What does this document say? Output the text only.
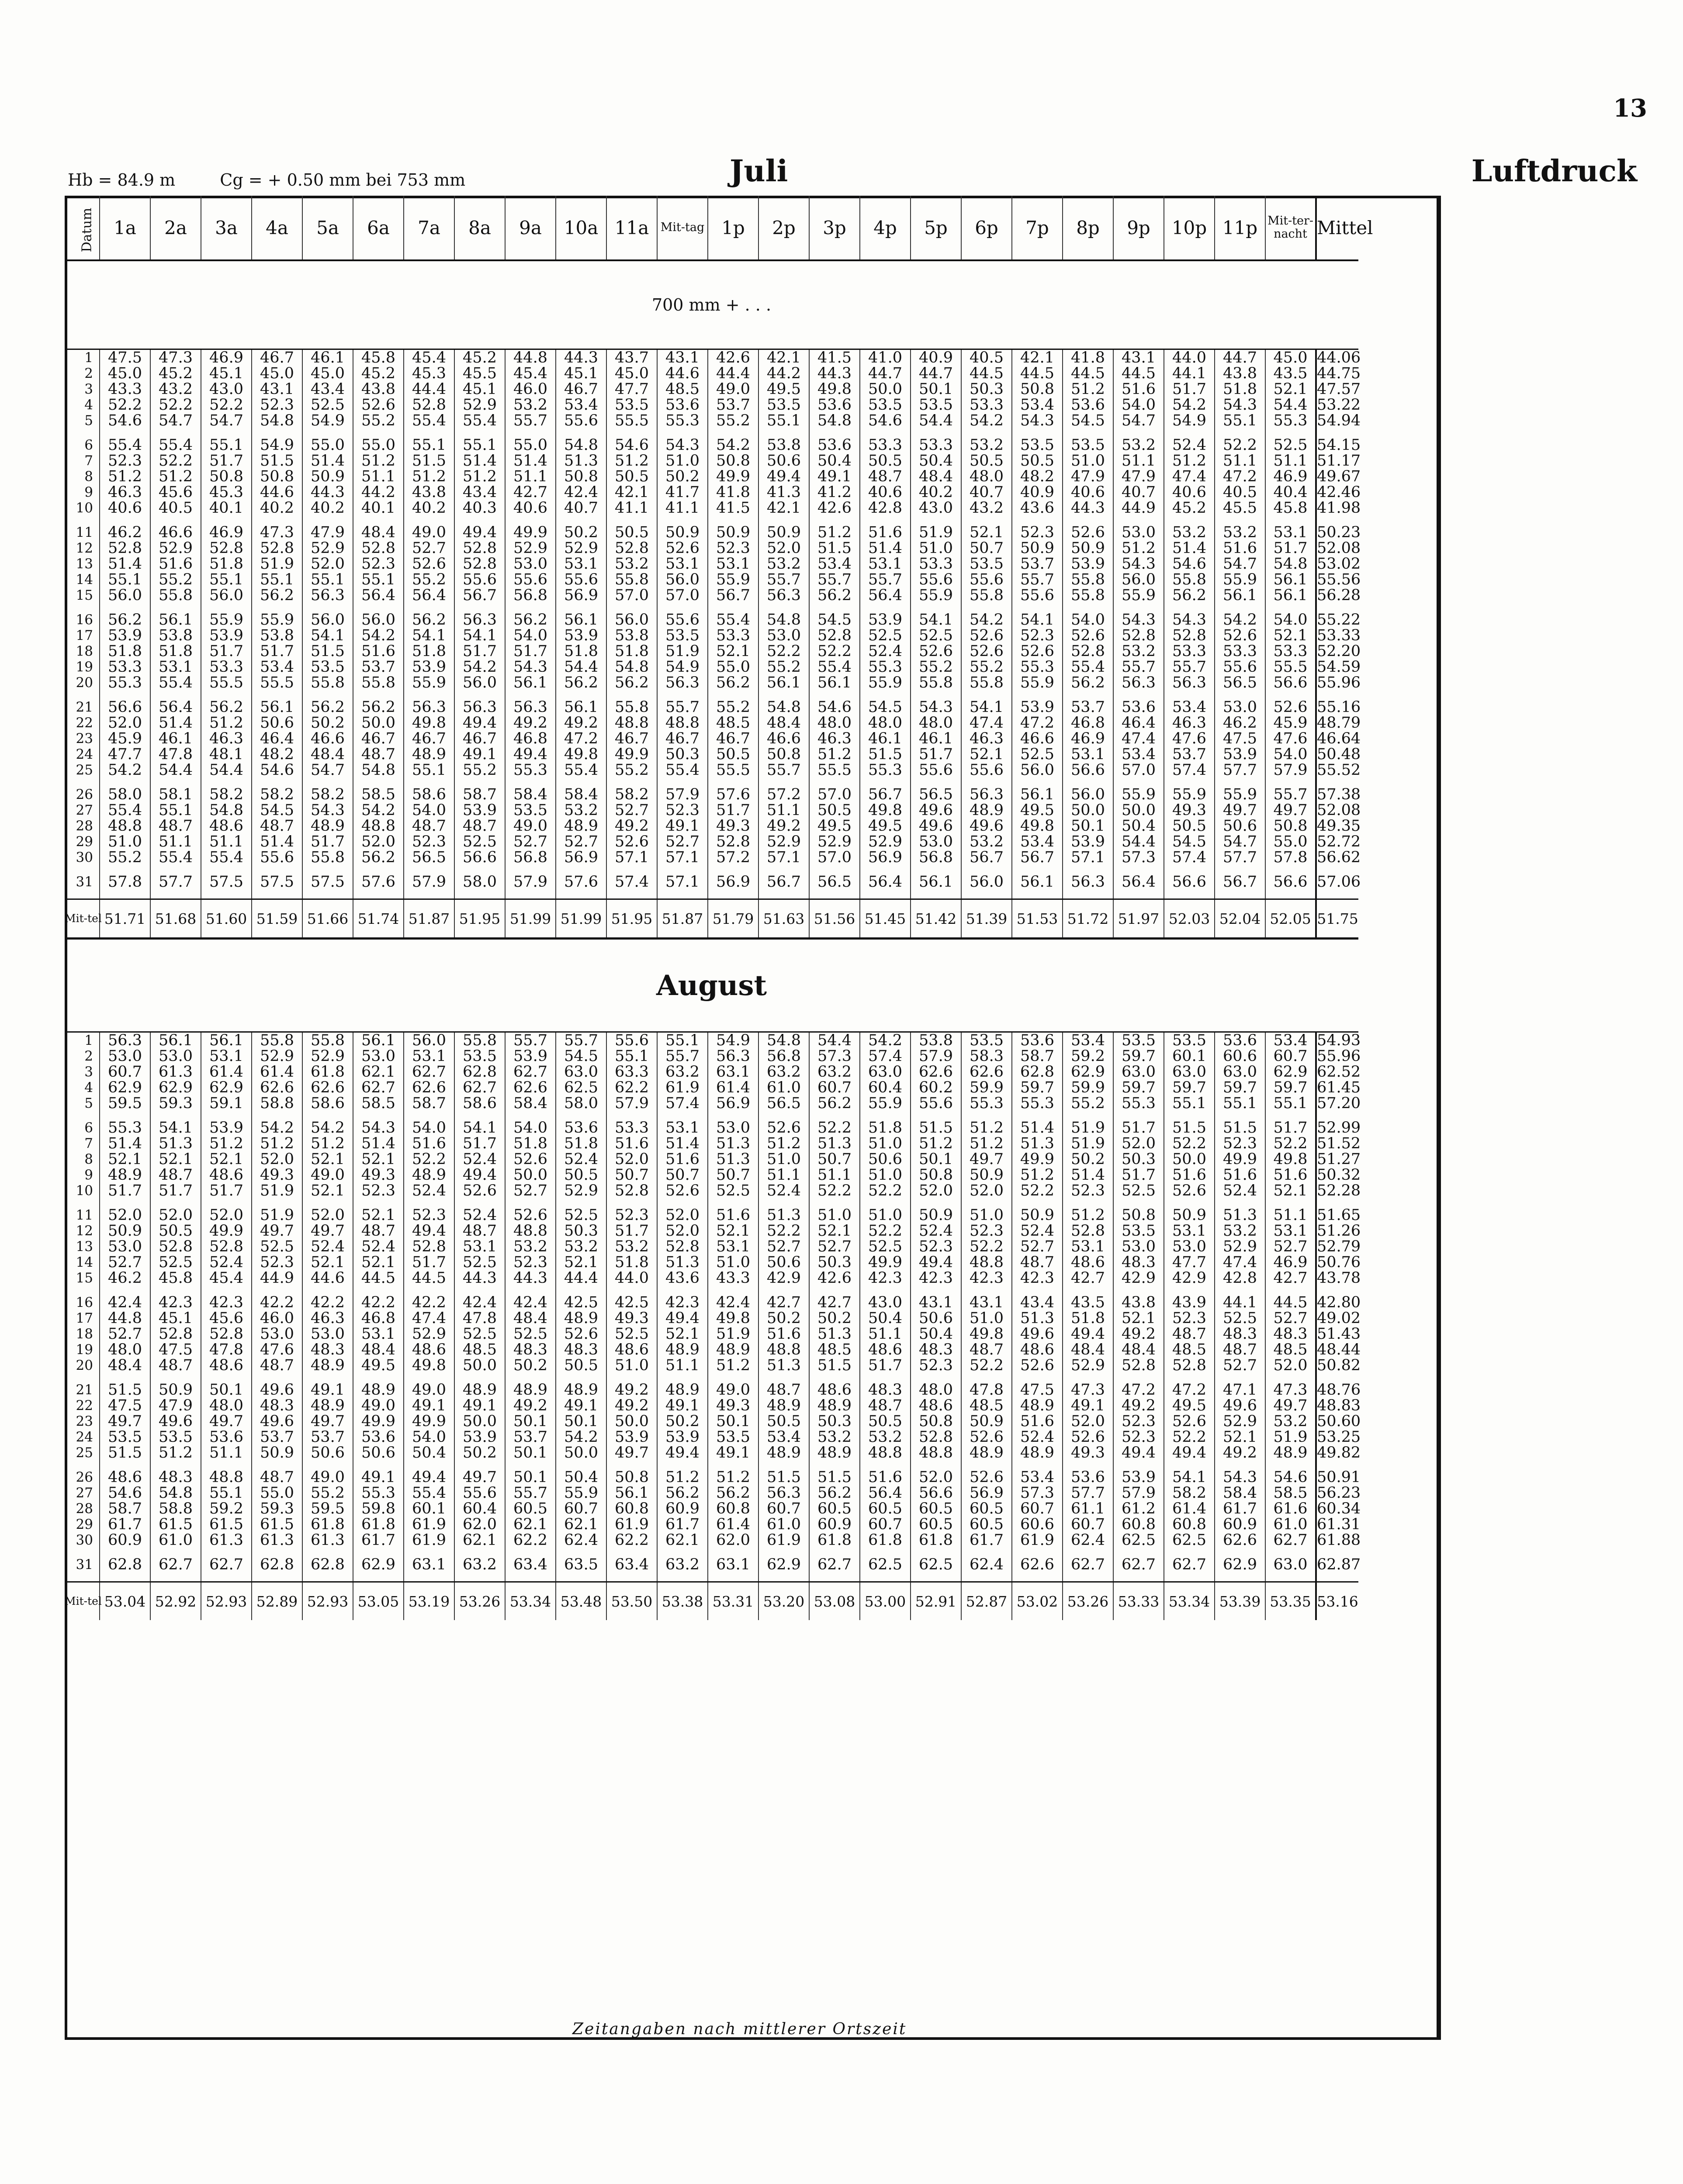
13
Hb = 84.9 m	Cg = + 0.50 mm bei 753 mm	Juli	Luftdruck
Datum	1a	2a	3a	4a	5a	6a	7a	8a	9a	10a	11a	Mit-tag	1p	2p	3p	4p	5p	6p	7p	8p	9p	10p	11p	Mit-ter-nacht	Mittel
700 mm + . . .																									
1	47.5	47.3	46.9	46.7	46.1	45.8	45.4	45.2	44.8	44.3	43.7	43.1	42.6	42.1	41.5	41.0	40.9	40.5	42.1	41.8	43.1	44.0	44.7	45.0	44.06
2	45.0	45.2	45.1	45.0	45.0	45.2	45.3	45.5	45.4	45.1	45.0	44.6	44.4	44.2	44.3	44.7	44.7	44.5	44.5	44.5	44.5	44.1	43.8	43.5	44.75
3	43.3	43.2	43.0	43.1	43.4	43.8	44.4	45.1	46.0	46.7	47.7	48.5	49.0	49.5	49.8	50.0	50.1	50.3	50.8	51.2	51.6	51.7	51.8	52.1	47.57
4	52.2	52.2	52.2	52.3	52.5	52.6	52.8	52.9	53.2	53.4	53.5	53.6	53.7	53.5	53.6	53.5	53.5	53.3	53.4	53.6	54.0	54.2	54.3	54.4	53.22
5	54.6	54.7	54.7	54.8	54.9	55.2	55.4	55.4	55.7	55.6	55.5	55.3	55.2	55.1	54.8	54.6	54.4	54.2	54.3	54.5	54.7	54.9	55.1	55.3	54.94

6	55.4	55.4	55.1	54.9	55.0	55.0	55.1	55.1	55.0	54.8	54.6	54.3	54.2	53.8	53.6	53.3	53.3	53.2	53.5	53.5	53.2	52.4	52.2	52.5	54.15
7	52.3	52.2	51.7	51.5	51.4	51.2	51.5	51.4	51.4	51.3	51.2	51.0	50.8	50.6	50.4	50.5	50.4	50.5	50.5	51.0	51.1	51.2	51.1	51.1	51.17
8	51.2	51.2	50.8	50.8	50.9	51.1	51.2	51.2	51.1	50.8	50.5	50.2	49.9	49.4	49.1	48.7	48.4	48.0	48.2	47.9	47.9	47.4	47.2	46.9	49.67
9	46.3	45.6	45.3	44.6	44.3	44.2	43.8	43.4	42.7	42.4	42.1	41.7	41.8	41.3	41.2	40.6	40.2	40.7	40.9	40.6	40.7	40.6	40.5	40.4	42.46
10	40.6	40.5	40.1	40.2	40.2	40.1	40.2	40.3	40.6	40.7	41.1	41.1	41.5	42.1	42.6	42.8	43.0	43.2	43.6	44.3	44.9	45.2	45.5	45.8	41.98

11	46.2	46.6	46.9	47.3	47.9	48.4	49.0	49.4	49.9	50.2	50.5	50.9	50.9	50.9	51.2	51.6	51.9	52.1	52.3	52.6	53.0	53.2	53.2	53.1	50.23
12	52.8	52.9	52.8	52.8	52.9	52.8	52.7	52.8	52.9	52.9	52.8	52.6	52.3	52.0	51.5	51.4	51.0	50.7	50.9	50.9	51.2	51.4	51.6	51.7	52.08
13	51.4	51.6	51.8	51.9	52.0	52.3	52.6	52.8	53.0	53.1	53.2	53.1	53.1	53.2	53.4	53.1	53.3	53.5	53.7	53.9	54.3	54.6	54.7	54.8	53.02
14	55.1	55.2	55.1	55.1	55.1	55.1	55.2	55.6	55.6	55.6	55.8	56.0	55.9	55.7	55.7	55.7	55.6	55.6	55.7	55.8	56.0	55.8	55.9	56.1	55.56
15	56.0	55.8	56.0	56.2	56.3	56.4	56.4	56.7	56.8	56.9	57.0	57.0	56.7	56.3	56.2	56.4	55.9	55.8	55.6	55.8	55.9	56.2	56.1	56.1	56.28

16	56.2	56.1	55.9	55.9	56.0	56.0	56.2	56.3	56.2	56.1	56.0	55.6	55.4	54.8	54.5	53.9	54.1	54.2	54.1	54.0	54.3	54.3	54.2	54.0	55.22
17	53.9	53.8	53.9	53.8	54.1	54.2	54.1	54.1	54.0	53.9	53.8	53.5	53.3	53.0	52.8	52.5	52.5	52.6	52.3	52.6	52.8	52.8	52.6	52.1	53.33
18	51.8	51.8	51.7	51.7	51.5	51.6	51.8	51.7	51.7	51.8	51.8	51.9	52.1	52.2	52.2	52.4	52.6	52.6	52.6	52.8	53.2	53.3	53.3	53.3	52.20
19	53.3	53.1	53.3	53.4	53.5	53.7	53.9	54.2	54.3	54.4	54.8	54.9	55.0	55.2	55.4	55.3	55.2	55.2	55.3	55.4	55.7	55.7	55.6	55.5	54.59
20	55.3	55.4	55.5	55.5	55.8	55.8	55.9	56.0	56.1	56.2	56.2	56.3	56.2	56.1	56.1	55.9	55.8	55.8	55.9	56.2	56.3	56.3	56.5	56.6	55.96

21	56.6	56.4	56.2	56.1	56.2	56.2	56.3	56.3	56.3	56.1	55.8	55.7	55.2	54.8	54.6	54.5	54.3	54.1	53.9	53.7	53.6	53.4	53.0	52.6	55.16
22	52.0	51.4	51.2	50.6	50.2	50.0	49.8	49.4	49.2	49.2	48.8	48.8	48.5	48.4	48.0	48.0	48.0	47.4	47.2	46.8	46.4	46.3	46.2	45.9	48.79
23	45.9	46.1	46.3	46.4	46.6	46.7	46.7	46.7	46.8	47.2	46.7	46.7	46.7	46.6	46.3	46.1	46.1	46.3	46.6	46.9	47.4	47.6	47.5	47.6	46.64
24	47.7	47.8	48.1	48.2	48.4	48.7	48.9	49.1	49.4	49.8	49.9	50.3	50.5	50.8	51.2	51.5	51.7	52.1	52.5	53.1	53.4	53.7	53.9	54.0	50.48
25	54.2	54.4	54.4	54.6	54.7	54.8	55.1	55.2	55.3	55.4	55.2	55.4	55.5	55.7	55.5	55.3	55.6	55.6	56.0	56.6	57.0	57.4	57.7	57.9	55.52

26	58.0	58.1	58.2	58.2	58.2	58.5	58.6	58.7	58.4	58.4	58.2	57.9	57.6	57.2	57.0	56.7	56.5	56.3	56.1	56.0	55.9	55.9	55.9	55.7	57.38
27	55.4	55.1	54.8	54.5	54.3	54.2	54.0	53.9	53.5	53.2	52.7	52.3	51.7	51.1	50.5	49.8	49.6	48.9	49.5	50.0	50.0	49.3	49.7	49.7	52.08
28	48.8	48.7	48.6	48.7	48.9	48.8	48.7	48.7	49.0	48.9	49.2	49.1	49.3	49.2	49.5	49.5	49.6	49.6	49.8	50.1	50.4	50.5	50.6	50.8	49.35
29	51.0	51.1	51.1	51.4	51.7	52.0	52.3	52.5	52.7	52.7	52.6	52.7	52.8	52.9	52.9	52.9	53.0	53.2	53.4	53.9	54.4	54.5	54.7	55.0	52.72
30	55.2	55.4	55.4	55.6	55.8	56.2	56.5	56.6	56.8	56.9	57.1	57.1	57.2	57.1	57.0	56.9	56.8	56.7	56.7	57.1	57.3	57.4	57.7	57.8	56.62

31	57.8	57.7	57.5	57.5	57.5	57.6	57.9	58.0	57.9	57.6	57.4	57.1	56.9	56.7	56.5	56.4	56.1	56.0	56.1	56.3	56.4	56.6	56.7	56.6	57.06

Mit-tel	51.71	51.68	51.60	51.59	51.66	51.74	51.87	51.95	51.99	51.99	51.95	51.87	51.79	51.63	51.56	51.45	51.42	51.39	51.53	51.72	51.97	52.03	52.04	52.05	51.75
August																									
1	56.3	56.1	56.1	55.8	55.8	56.1	56.0	55.8	55.7	55.7	55.6	55.1	54.9	54.8	54.4	54.2	53.8	53.5	53.6	53.4	53.5	53.5	53.6	53.4	54.93
2	53.0	53.0	53.1	52.9	52.9	53.0	53.1	53.5	53.9	54.5	55.1	55.7	56.3	56.8	57.3	57.4	57.9	58.3	58.7	59.2	59.7	60.1	60.6	60.7	55.96
3	60.7	61.3	61.4	61.4	61.8	62.1	62.7	62.8	62.7	63.0	63.3	63.2	63.1	63.2	63.2	63.0	62.6	62.6	62.8	62.9	63.0	63.0	63.0	62.9	62.52
4	62.9	62.9	62.9	62.6	62.6	62.7	62.6	62.7	62.6	62.5	62.2	61.9	61.4	61.0	60.7	60.4	60.2	59.9	59.7	59.9	59.7	59.7	59.7	59.7	61.45
5	59.5	59.3	59.1	58.8	58.6	58.5	58.7	58.6	58.4	58.0	57.9	57.4	56.9	56.5	56.2	55.9	55.6	55.3	55.3	55.2	55.3	55.1	55.1	55.1	57.20

6	55.3	54.1	53.9	54.2	54.2	54.3	54.0	54.1	54.0	53.6	53.3	53.1	53.0	52.6	52.2	51.8	51.5	51.2	51.4	51.9	51.7	51.5	51.5	51.7	52.99
7	51.4	51.3	51.2	51.2	51.2	51.4	51.6	51.7	51.8	51.8	51.6	51.4	51.3	51.2	51.3	51.0	51.2	51.2	51.3	51.9	52.0	52.2	52.3	52.2	51.52
8	52.1	52.1	52.1	52.0	52.1	52.1	52.2	52.4	52.6	52.4	52.0	51.6	51.3	51.0	50.7	50.6	50.1	49.7	49.9	50.2	50.3	50.0	49.9	49.8	51.27
9	48.9	48.7	48.6	49.3	49.0	49.3	48.9	49.4	50.0	50.5	50.7	50.7	50.7	51.1	51.1	51.0	50.8	50.9	51.2	51.4	51.7	51.6	51.6	51.6	50.32
10	51.7	51.7	51.7	51.9	52.1	52.3	52.4	52.6	52.7	52.9	52.8	52.6	52.5	52.4	52.2	52.2	52.0	52.0	52.2	52.3	52.5	52.6	52.4	52.1	52.28

11	52.0	52.0	52.0	51.9	52.0	52.1	52.3	52.4	52.6	52.5	52.3	52.0	51.6	51.3	51.0	51.0	50.9	51.0	50.9	51.2	50.8	50.9	51.3	51.1	51.65
12	50.9	50.5	49.9	49.7	49.7	48.7	49.4	48.7	48.8	50.3	51.7	52.0	52.1	52.2	52.1	52.2	52.4	52.3	52.4	52.8	53.5	53.1	53.2	53.1	51.26
13	53.0	52.8	52.8	52.5	52.4	52.4	52.8	53.1	53.2	53.2	53.2	52.8	53.1	52.7	52.7	52.5	52.3	52.2	52.7	53.1	53.0	53.0	52.9	52.7	52.79
14	52.7	52.5	52.4	52.3	52.1	52.1	51.7	52.5	52.3	52.1	51.8	51.3	51.0	50.6	50.3	49.9	49.4	48.8	48.7	48.6	48.3	47.7	47.4	46.9	50.76
15	46.2	45.8	45.4	44.9	44.6	44.5	44.5	44.3	44.3	44.4	44.0	43.6	43.3	42.9	42.6	42.3	42.3	42.3	42.3	42.7	42.9	42.9	42.8	42.7	43.78

16	42.4	42.3	42.3	42.2	42.2	42.2	42.2	42.4	42.4	42.5	42.5	42.3	42.4	42.7	42.7	43.0	43.1	43.1	43.4	43.5	43.8	43.9	44.1	44.5	42.80
17	44.8	45.1	45.6	46.0	46.3	46.8	47.4	47.8	48.4	48.9	49.3	49.4	49.8	50.2	50.2	50.4	50.6	51.0	51.3	51.8	52.1	52.3	52.5	52.7	49.02
18	52.7	52.8	52.8	53.0	53.0	53.1	52.9	52.5	52.5	52.6	52.5	52.1	51.9	51.6	51.3	51.1	50.4	49.8	49.6	49.4	49.2	48.7	48.3	48.3	51.43
19	48.0	47.5	47.8	47.6	48.3	48.4	48.6	48.5	48.3	48.3	48.6	48.9	48.9	48.8	48.5	48.6	48.3	48.7	48.6	48.4	48.4	48.5	48.7	48.5	48.44
20	48.4	48.7	48.6	48.7	48.9	49.5	49.8	50.0	50.2	50.5	51.0	51.1	51.2	51.3	51.5	51.7	52.3	52.2	52.6	52.9	52.8	52.8	52.7	52.0	50.82

21	51.5	50.9	50.1	49.6	49.1	48.9	49.0	48.9	48.9	48.9	49.2	48.9	49.0	48.7	48.6	48.3	48.0	47.8	47.5	47.3	47.2	47.2	47.1	47.3	48.76
22	47.5	47.9	48.0	48.3	48.9	49.0	49.1	49.1	49.2	49.1	49.2	49.1	49.3	48.9	48.9	48.7	48.6	48.5	48.9	49.1	49.2	49.5	49.6	49.7	48.83
23	49.7	49.6	49.7	49.6	49.7	49.9	49.9	50.0	50.1	50.1	50.0	50.2	50.1	50.5	50.3	50.5	50.8	50.9	51.6	52.0	52.3	52.6	52.9	53.2	50.60
24	53.5	53.5	53.6	53.7	53.7	53.6	54.0	53.9	53.7	54.2	53.9	53.9	53.5	53.4	53.2	53.2	52.8	52.6	52.4	52.6	52.3	52.2	52.1	51.9	53.25
25	51.5	51.2	51.1	50.9	50.6	50.6	50.4	50.2	50.1	50.0	49.7	49.4	49.1	48.9	48.9	48.8	48.8	48.9	48.9	49.3	49.4	49.4	49.2	48.9	49.82

26	48.6	48.3	48.8	48.7	49.0	49.1	49.4	49.7	50.1	50.4	50.8	51.2	51.2	51.5	51.5	51.6	52.0	52.6	53.4	53.6	53.9	54.1	54.3	54.6	50.91
27	54.6	54.8	55.1	55.0	55.2	55.3	55.4	55.6	55.7	55.9	56.1	56.2	56.2	56.3	56.2	56.4	56.6	56.9	57.3	57.7	57.9	58.2	58.4	58.5	56.23
28	58.7	58.8	59.2	59.3	59.5	59.8	60.1	60.4	60.5	60.7	60.8	60.9	60.8	60.7	60.5	60.5	60.5	60.5	60.7	61.1	61.2	61.4	61.7	61.6	60.34
29	61.7	61.5	61.5	61.5	61.8	61.8	61.9	62.0	62.1	62.1	61.9	61.7	61.4	61.0	60.9	60.7	60.5	60.5	60.6	60.7	60.8	60.8	60.9	61.0	61.31
30	60.9	61.0	61.3	61.3	61.3	61.7	61.9	62.1	62.2	62.4	62.2	62.1	62.0	61.9	61.8	61.8	61.8	61.7	61.9	62.4	62.5	62.5	62.6	62.7	61.88

31	62.8	62.7	62.7	62.8	62.8	62.9	63.1	63.2	63.4	63.5	63.4	63.2	63.1	62.9	62.7	62.5	62.5	62.4	62.6	62.7	62.7	62.7	62.9	63.0	62.87

Mit-tel	53.04	52.92	52.93	52.89	52.93	53.05	53.19	53.26	53.34	53.48	53.50	53.38	53.31	53.20	53.08	53.00	52.91	52.87	53.02	53.26	53.33	53.34	53.39	53.35	53.16
Zeitangaben nach mittlerer Ortszeit
